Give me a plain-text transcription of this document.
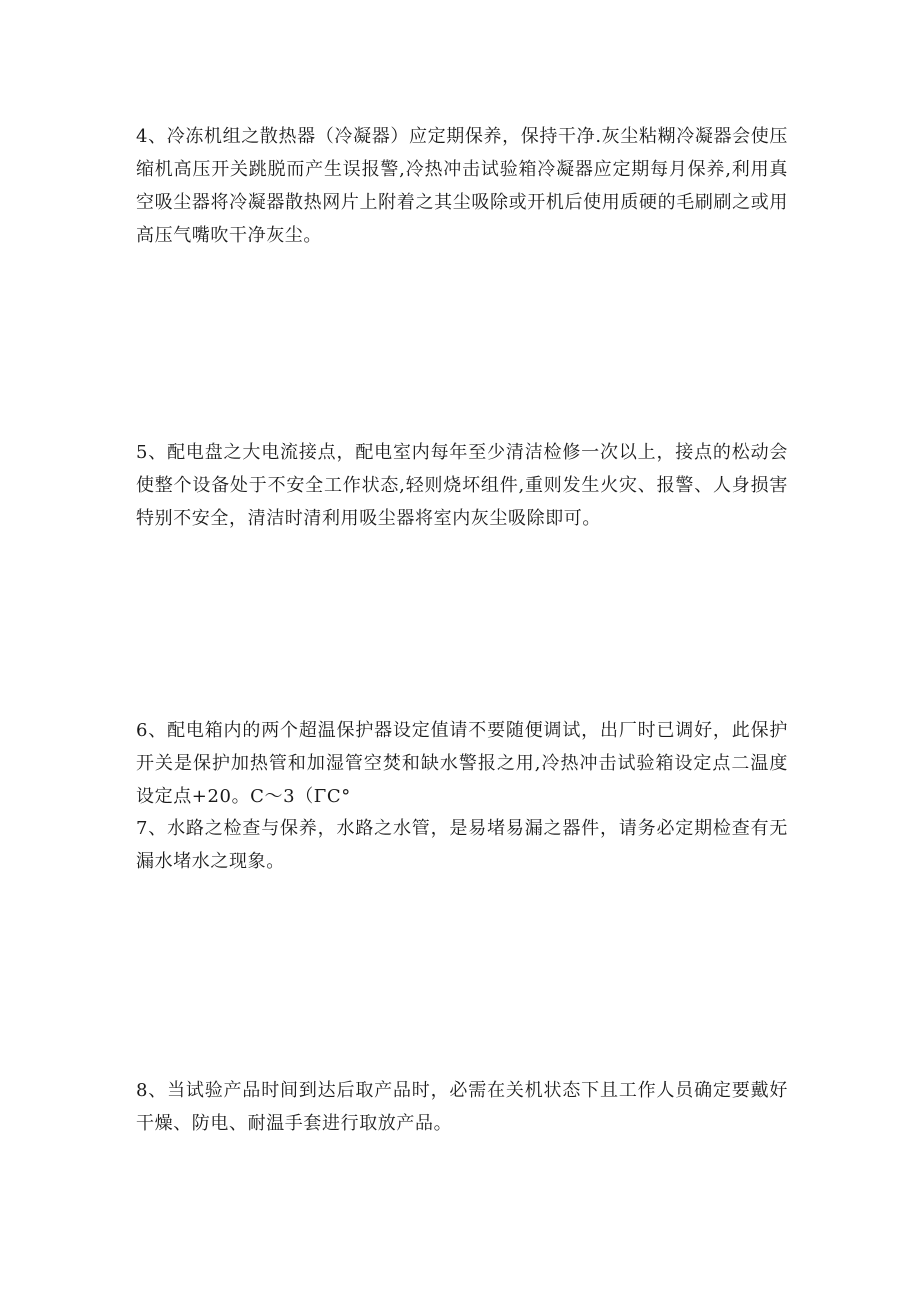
4、冷冻机组之散热器（冷凝器）应定期保养，保持干净.灰尘粘糊冷凝器会使压缩机高压开关跳脱而产生误报警,冷热冲击试验箱冷凝器应定期每月保养,利用真空吸尘器将冷凝器散热网片上附着之其尘吸除或开机后使用质硬的毛刷刷之或用高压气嘴吹干净灰尘。

5、配电盘之大电流接点，配电室内每年至少清洁检修一次以上，接点的松动会使整个设备处于不安全工作状态,轻则烧坏组件,重则发生火灾、报警、人身损害特别不安全，清洁时清利用吸尘器将室内灰尘吸除即可。

6、配电箱内的两个超温保护器设定值请不要随便调试，出厂时已调好，此保护开关是保护加热管和加湿管空焚和缺水警报之用,冷热冲击试验箱设定点二温度设定点+20。C～3（ΓC°

7、水路之检查与保养，水路之水管，是易堵易漏之器件，请务必定期检查有无漏水堵水之现象。

8、当试验产品时间到达后取产品时，必需在关机状态下且工作人员确定要戴好干燥、防电、耐温手套进行取放产品。
